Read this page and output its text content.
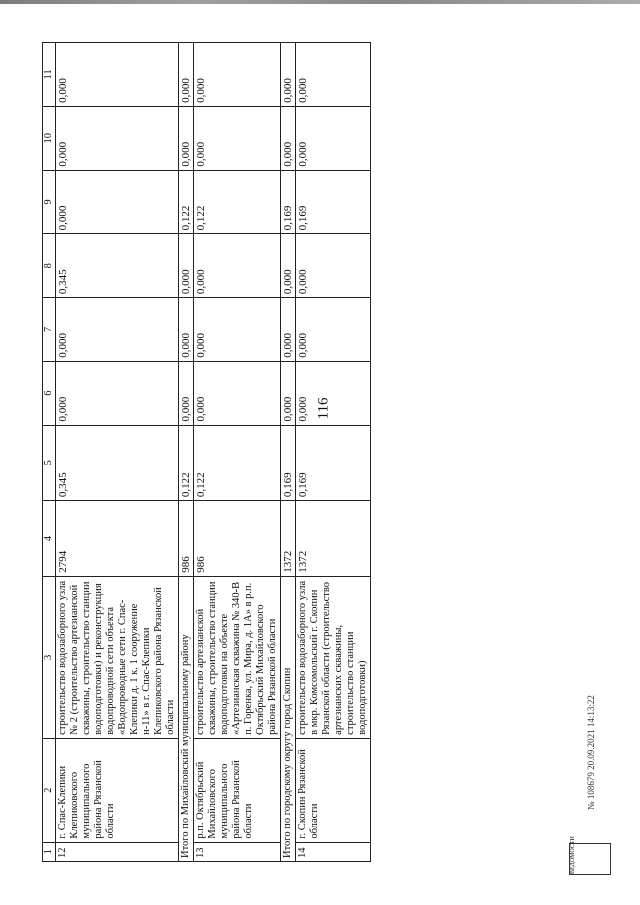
116
1	2	3	4	5	6	7	8	9	10	11
12	г. Спас-Клепики Клепиковского муниципального района Рязанской области	строительство водозаборного узла № 2 (строительство артезианской скважины, строительство станции водоподготовки) и реконструкция водопроводной сети объекта «Водопроводные сети г. Спас-Клепики д. 1 к. 1 сооружение н-11» в г. Спас-Клепики Клепиковского района Рязанской области	2794	0,345	0,000	0,000	0,345	0,000	0,000	0,000
Итого по Михайловский муниципальному району			986	0,122	0,000	0,000	0,000	0,122	0,000	0,000
13	р.п. Октябрьский Михайловского муниципального района Рязанской области	строительство артезианской скважины, строительство станции водоподготовки на объекте «Артезианская скважина № 340-В п. Горенка, ул. Мира, д. 1А» в р.п. Октябрьский Михайловского района Рязанской области	986	0,122	0,000	0,000	0,000	0,122	0,000	0,000
Итого по городскому округу город Скопин			1372	0,169	0,000	0,000	0,000	0,169	0,000	0,000
14	г. Скопин Рязанской области	строительство водозаборного узла в мкр. Комсомольский г. Скопин Рязанской области (строительство артезианских скважины, строительство станции водоподготовки)	1372	0,169	0,000	0,000	0,000	0,169	0,000	0,000
ВЕДОМОСТИ
№ 108679 20.09.2021 14:13:22
